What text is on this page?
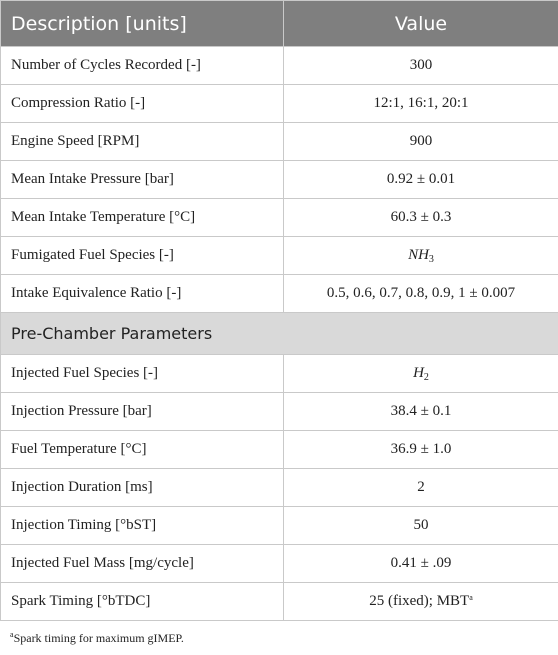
Description [units]	Value
Number of Cycles Recorded [-]	300
Compression Ratio [-]	12:1, 16:1, 20:1
Engine Speed [RPM]	900
Mean Intake Pressure [bar]	0.92 ± 0.01
Mean Intake Temperature [°C]	60.3 ± 0.3
Fumigated Fuel Species [-]	$NH_3$
Intake Equivalence Ratio [-]	0.5, 0.6, 0.7, 0.8, 0.9, 1 ± 0.007
Pre-Chamber Parameters	
Injected Fuel Species [-]	$H_2$
Injection Pressure [bar]	38.4 ± 0.1
Fuel Temperature [°C]	36.9 ± 1.0
Injection Duration [ms]	2
Injection Timing [°bST]	50
Injected Fuel Mass [mg/cycle]	0.41 ± .09
Spark Timing [°bTDC]	25 (fixed); MBT$^a$
$^a$Spark timing for maximum gIMEP.
